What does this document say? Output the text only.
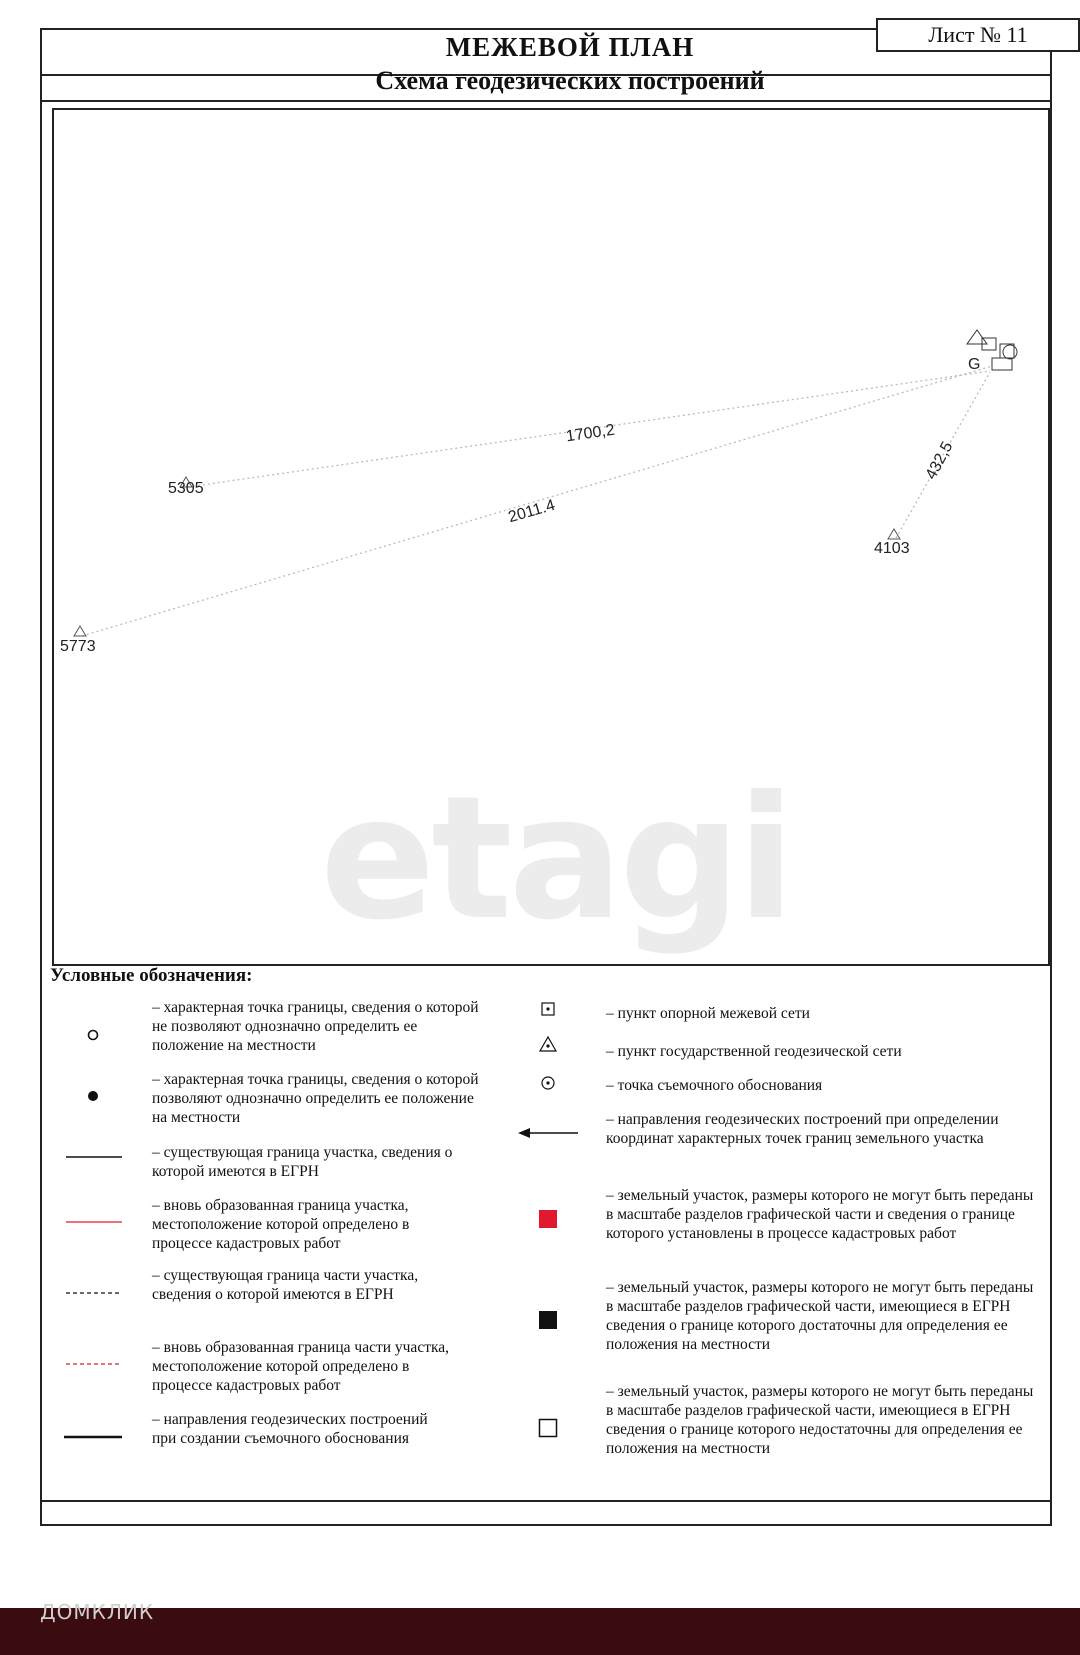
Лист № 11
МЕЖЕВОЙ ПЛАН
Схема геодезических построений
etagi
5305
5773
4103
G
1700,2
2011.4
432,5
Условные обозначения:
– характерная точка границы, сведения о которой не позволяют однозначно определить ее положение на местности
– характерная точка границы, сведения о которой позволяют однозначно определить ее положение на местности
– существующая граница участка, сведения о которой имеются в ЕГРН
– вновь образованная граница участка, местоположение которой определено в процессе кадастровых работ
– существующая граница части участка, сведения о которой имеются в ЕГРН
– вновь образованная граница части участка, местоположение которой определено в процессе кадастровых работ
– направления геодезических построений при создании съемочного обоснования
– пункт опорной межевой сети
– пункт государственной геодезической сети
– точка съемочного обоснования
– направления геодезических построений при определении координат характерных точек границ земельного участка
– земельный участок, размеры которого не могут быть переданы в масштабе разделов графической части и сведения о границе которого установлены в процессе кадастровых работ
– земельный участок, размеры которого не могут быть переданы в масштабе разделов графической части, имеющиеся в ЕГРН сведения о границе которого достаточны для определения ее положения на местности
– земельный участок, размеры которого не могут быть переданы в масштабе разделов графической части, имеющиеся в ЕГРН сведения о границе которого недостаточны для определения ее положения на местности
ДОМКЛИК
